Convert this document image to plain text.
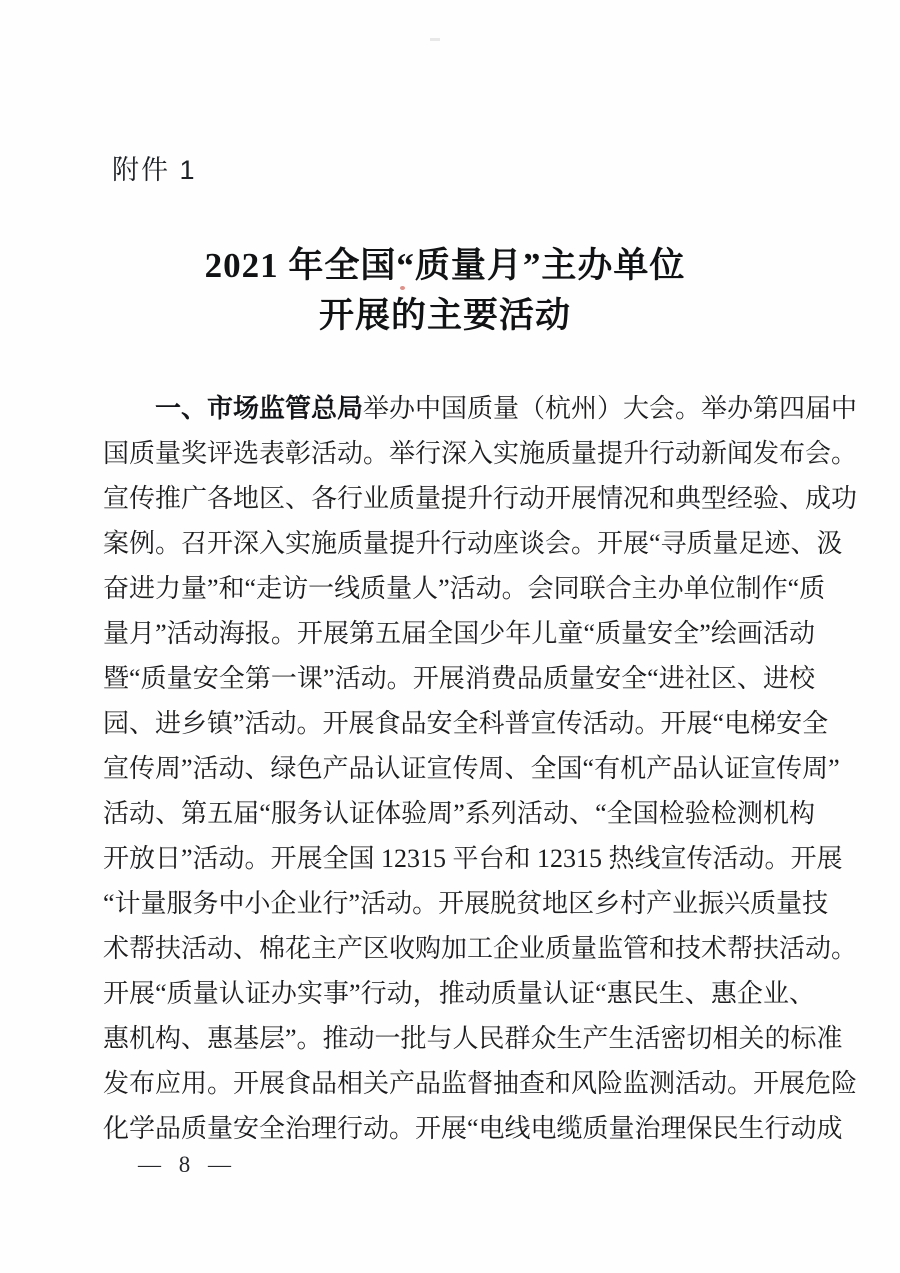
附件 1
2021 年全国“质量月”主办单位
开展的主要活动
一、市场监管总局举办中国质量（杭州）大会。举办第四届中
国质量奖评选表彰活动。举行深入实施质量提升行动新闻发布会。
宣传推广各地区、各行业质量提升行动开展情况和典型经验、成功
案例。召开深入实施质量提升行动座谈会。开展“寻质量足迹、汲
奋进力量”和“走访一线质量人”活动。会同联合主办单位制作“质
量月”活动海报。开展第五届全国少年儿童“质量安全”绘画活动
暨“质量安全第一课”活动。开展消费品质量安全“进社区、进校
园、进乡镇”活动。开展食品安全科普宣传活动。开展“电梯安全
宣传周”活动、绿色产品认证宣传周、全国“有机产品认证宣传周”
活动、第五届“服务认证体验周”系列活动、“全国检验检测机构
开放日”活动。开展全国 12315 平台和 12315 热线宣传活动。开展
“计量服务中小企业行”活动。开展脱贫地区乡村产业振兴质量技
术帮扶活动、棉花主产区收购加工企业质量监管和技术帮扶活动。
开展“质量认证办实事”行动，推动质量认证“惠民生、惠企业、
惠机构、惠基层”。推动一批与人民群众生产生活密切相关的标准
发布应用。开展食品相关产品监督抽查和风险监测活动。开展危险
化学品质量安全治理行动。开展“电线电缆质量治理保民生行动成
— 8 —
